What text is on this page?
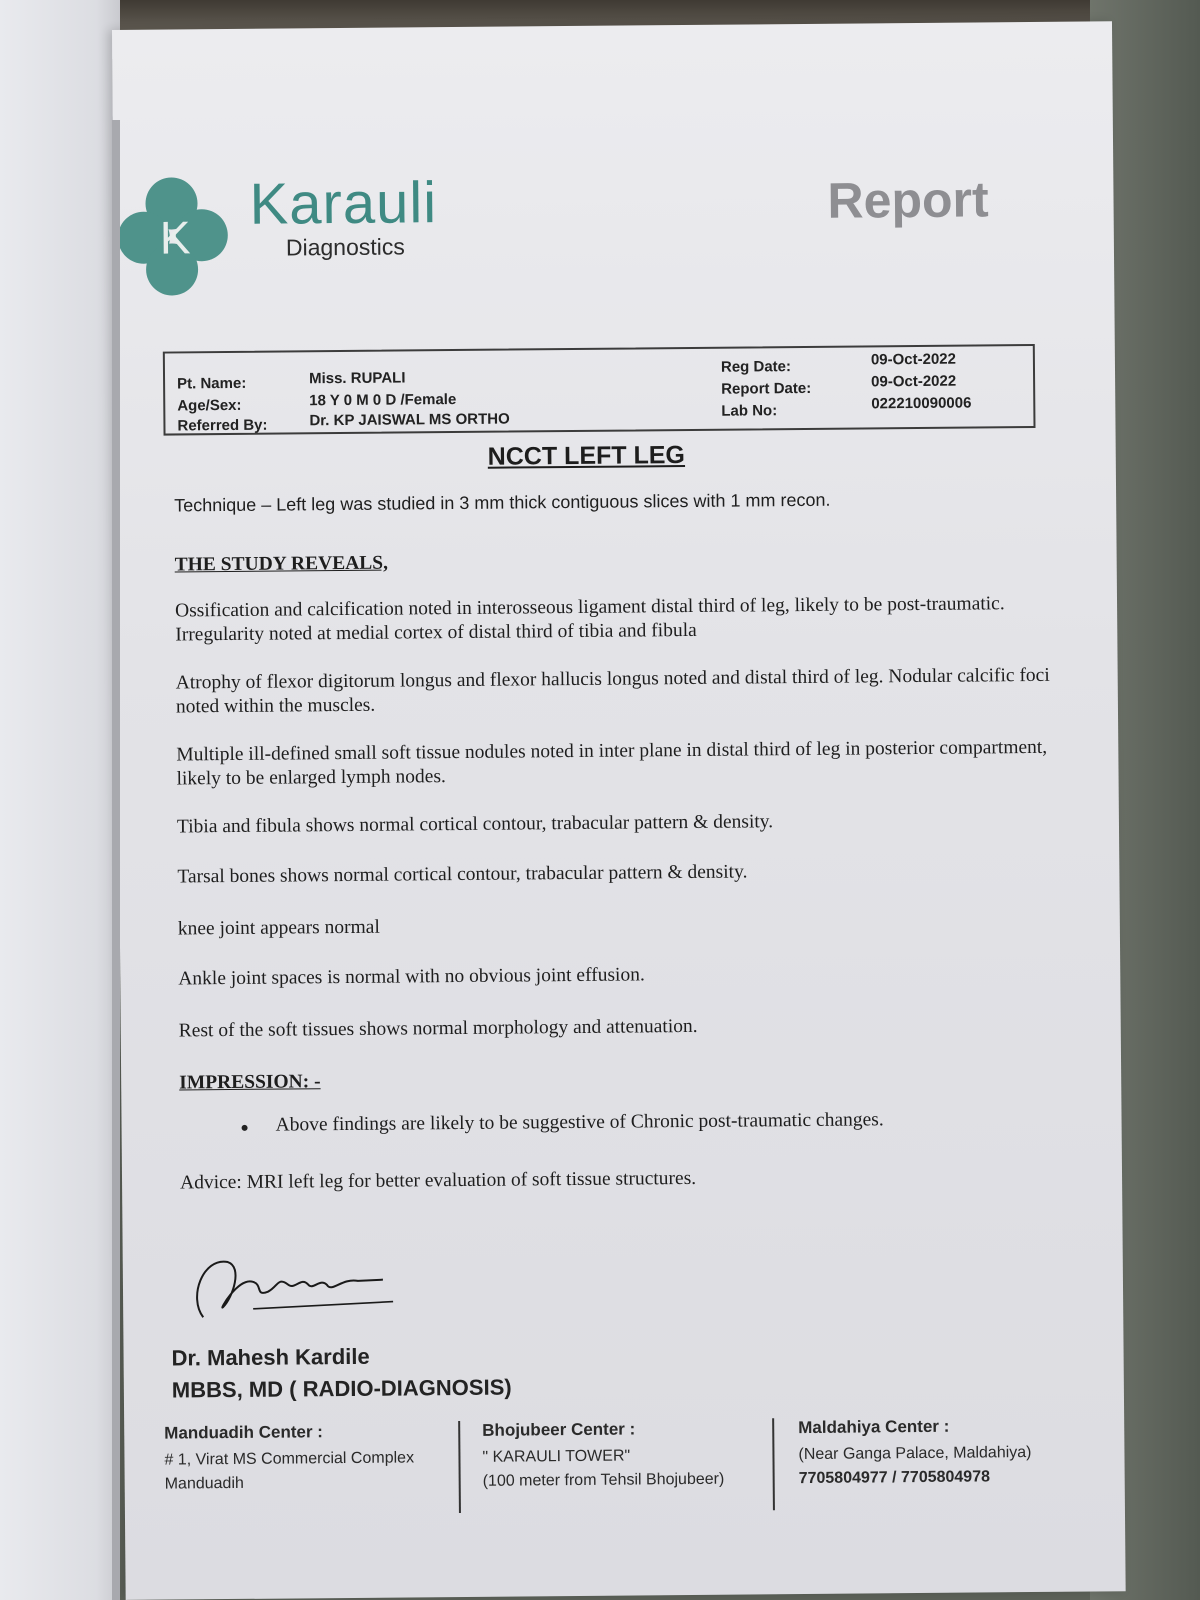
K
Karauli
Diagnostics
Report
Pt. Name:	Miss. RUPALI
Age/Sex:	18 Y 0 M 0 D /Female
Referred By:	Dr. KP JAISWAL MS ORTHO
Reg Date:	09-Oct-2022
Report Date:	09-Oct-2022
Lab No:	022210090006
NCCT LEFT LEG
Technique – Left leg was studied in 3 mm thick contiguous slices with 1 mm recon.
THE STUDY REVEALS,
Ossification and calcification noted in interosseous ligament distal third of leg, likely to be post-traumatic. Irregularity noted at medial cortex of distal third of tibia and fibula
Atrophy of flexor digitorum longus and flexor hallucis longus noted and distal third of leg. Nodular calcific foci noted within the muscles.
Multiple ill-defined small soft tissue nodules noted in inter plane in distal third of leg in posterior compartment, likely to be enlarged lymph nodes.
Tibia and fibula shows normal cortical contour, trabacular pattern & density.
Tarsal bones shows normal cortical contour, trabacular pattern & density.
knee joint appears normal
Ankle joint spaces is normal with no obvious joint effusion.
Rest of the soft tissues shows normal morphology and attenuation.
IMPRESSION: -
Above findings are likely to be suggestive of Chronic post-traumatic changes.
Advice: MRI left leg for better evaluation of soft tissue structures.
Dr. Mahesh Kardile
MBBS, MD ( RADIO-DIAGNOSIS)
Manduadih Center :
# 1, Virat MS Commercial Complex
Manduadih
Bhojubeer Center :
" KARAULI TOWER"
(100 meter from Tehsil Bhojubeer)
Maldahiya Center :
(Near Ganga Palace, Maldahiya)
7705804977 / 7705804978
